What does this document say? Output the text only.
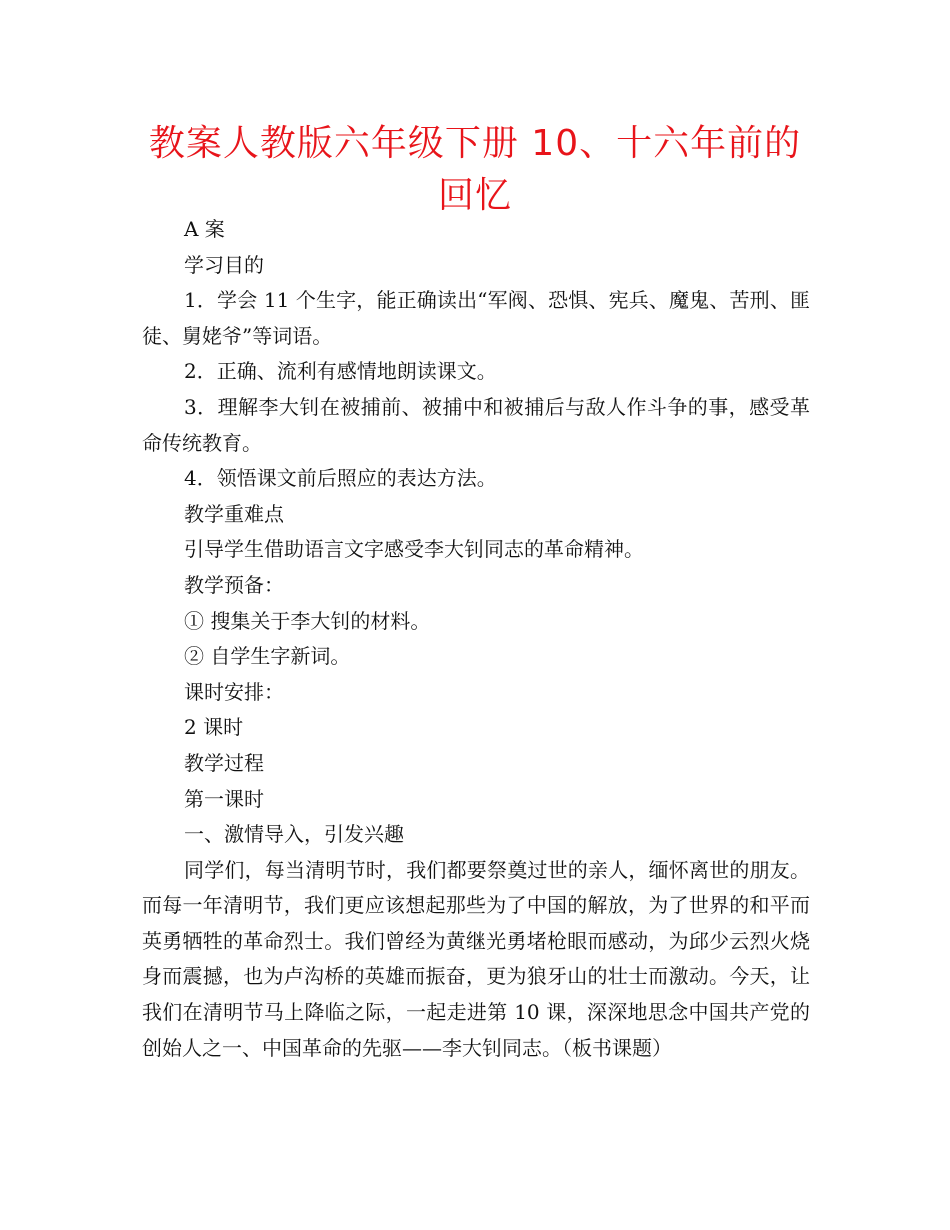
教案人教版六年级下册 10、十六年前的回忆

A 案

学习目的

1．学会 11 个生字，能正确读出“军阀、恐惧、宪兵、魔鬼、苦刑、匪徒、舅姥爷”等词语。

2．正确、流利有感情地朗读课文。

3．理解李大钊在被捕前、被捕中和被捕后与敌人作斗争的事，感受革命传统教育。

4．领悟课文前后照应的表达方法。

教学重难点

引导学生借助语言文字感受李大钊同志的革命精神。

教学预备：

① 搜集关于李大钊的材料。

② 自学生字新词。

课时安排：

2 课时

教学过程

第一课时

一、激情导入，引发兴趣

同学们，每当清明节时，我们都要祭奠过世的亲人，缅怀离世的朋友。而每一年清明节，我们更应该想起那些为了中国的解放，为了世界的和平而英勇牺牲的革命烈士。我们曾经为黄继光勇堵枪眼而感动，为邱少云烈火烧身而震撼，也为卢沟桥的英雄而振奋，更为狼牙山的壮士而激动。今天，让我们在清明节马上降临之际，一起走进第 10 课，深深地思念中国共产党的创始人之一、中国革命的先驱——李大钊同志。（板书课题）
